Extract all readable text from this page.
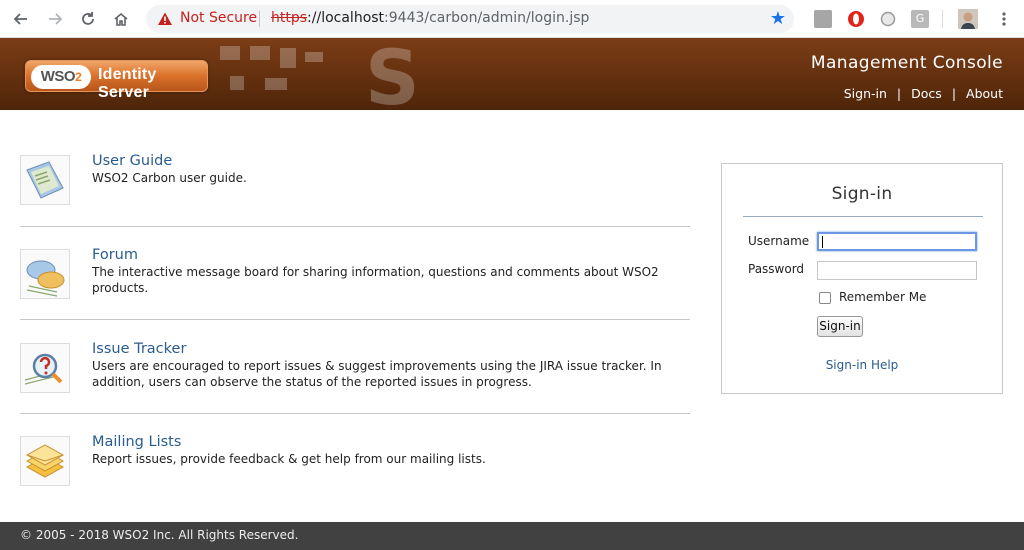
Not Secure https://localhost:9443/carbon/admin/login.jsp	★	G
S
WSO2	Identity Server
Management Console
Sign-in | Docs | About
User Guide
WSO2 Carbon user guide.
Forum
The interactive message board for sharing information, questions and comments about WSO2 products.
Issue Tracker
Users are encouraged to report issues & suggest improvements using the JIRA issue tracker. In addition, users can observe the status of the reported issues in progress.
Mailing Lists
Report issues, provide feedback & get help from our mailing lists.
Sign-in
Username
Password
Remember Me
Sign-in
Sign-in Help
© 2005 - 2018 WSO2 Inc. All Rights Reserved.
